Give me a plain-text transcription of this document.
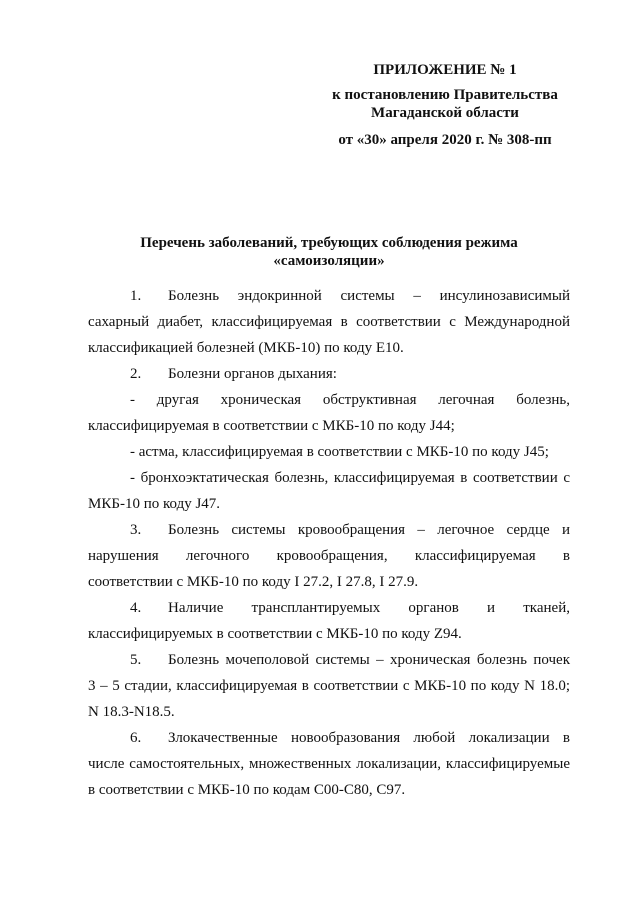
ПРИЛОЖЕНИЕ № 1
к постановлению Правительства
Магаданской области
от «30» апреля 2020 г. № 308-пп
Перечень заболеваний, требующих соблюдения режима
«самоизоляции»
1. Болезнь эндокринной системы – инсулинозависимый
сахарный диабет, классифицируемая в соответствии с Международной
классификацией болезней (МКБ-10) по коду Е10.
2. Болезни органов дыхания:
- другая хроническая обструктивная легочная болезнь,
классифицируемая в соответствии с МКБ-10 по коду J44;
- астма, классифицируемая в соответствии с МКБ-10 по коду J45;
- бронхоэктатическая болезнь, классифицируемая в соответствии с
МКБ-10 по коду J47.
3. Болезнь системы кровообращения – легочное сердце и
нарушения легочного кровообращения, классифицируемая в
соответствии с МКБ-10 по коду I 27.2, I 27.8, I 27.9.
4. Наличие трансплантируемых органов и тканей,
классифицируемых в соответствии с МКБ-10 по коду Z94.
5. Болезнь мочеполовой системы – хроническая болезнь почек
3 – 5 стадии, классифицируемая в соответствии с МКБ-10 по коду N 18.0;
N 18.3-N18.5.
6. Злокачественные новообразования любой локализации в
числе самостоятельных, множественных локализации, классифицируемые
в соответствии с МКБ-10 по кодам С00-С80, С97.
